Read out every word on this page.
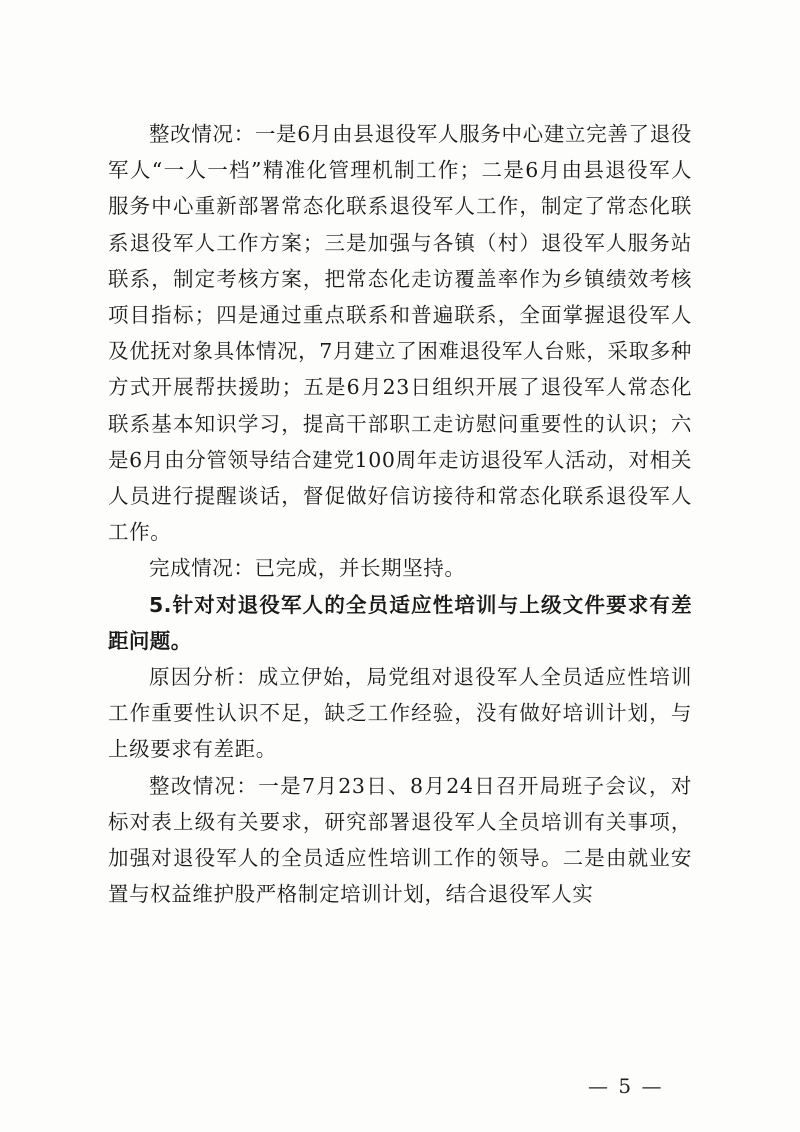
整改情况：一是6月由县退役军人服务中心建立完善了退役军人“一人一档”精准化管理机制工作；二是6月由县退役军人服务中心重新部署常态化联系退役军人工作，制定了常态化联系退役军人工作方案；三是加强与各镇（村）退役军人服务站联系，制定考核方案，把常态化走访覆盖率作为乡镇绩效考核项目指标；四是通过重点联系和普遍联系，全面掌握退役军人及优抚对象具体情况，7月建立了困难退役军人台账，采取多种方式开展帮扶援助；五是6月23日组织开展了退役军人常态化联系基本知识学习，提高干部职工走访慰问重要性的认识；六是6月由分管领导结合建党100周年走访退役军人活动，对相关人员进行提醒谈话，督促做好信访接待和常态化联系退役军人工作。

完成情况：已完成，并长期坚持。

5.针对对退役军人的全员适应性培训与上级文件要求有差距问题。

原因分析：成立伊始，局党组对退役军人全员适应性培训工作重要性认识不足，缺乏工作经验，没有做好培训计划，与上级要求有差距。

整改情况：一是7月23日、8月24日召开局班子会议，对标对表上级有关要求，研究部署退役军人全员培训有关事项，加强对退役军人的全员适应性培训工作的领导。二是由就业安置与权益维护股严格制定培训计划，结合退役军人实

— 5 —
